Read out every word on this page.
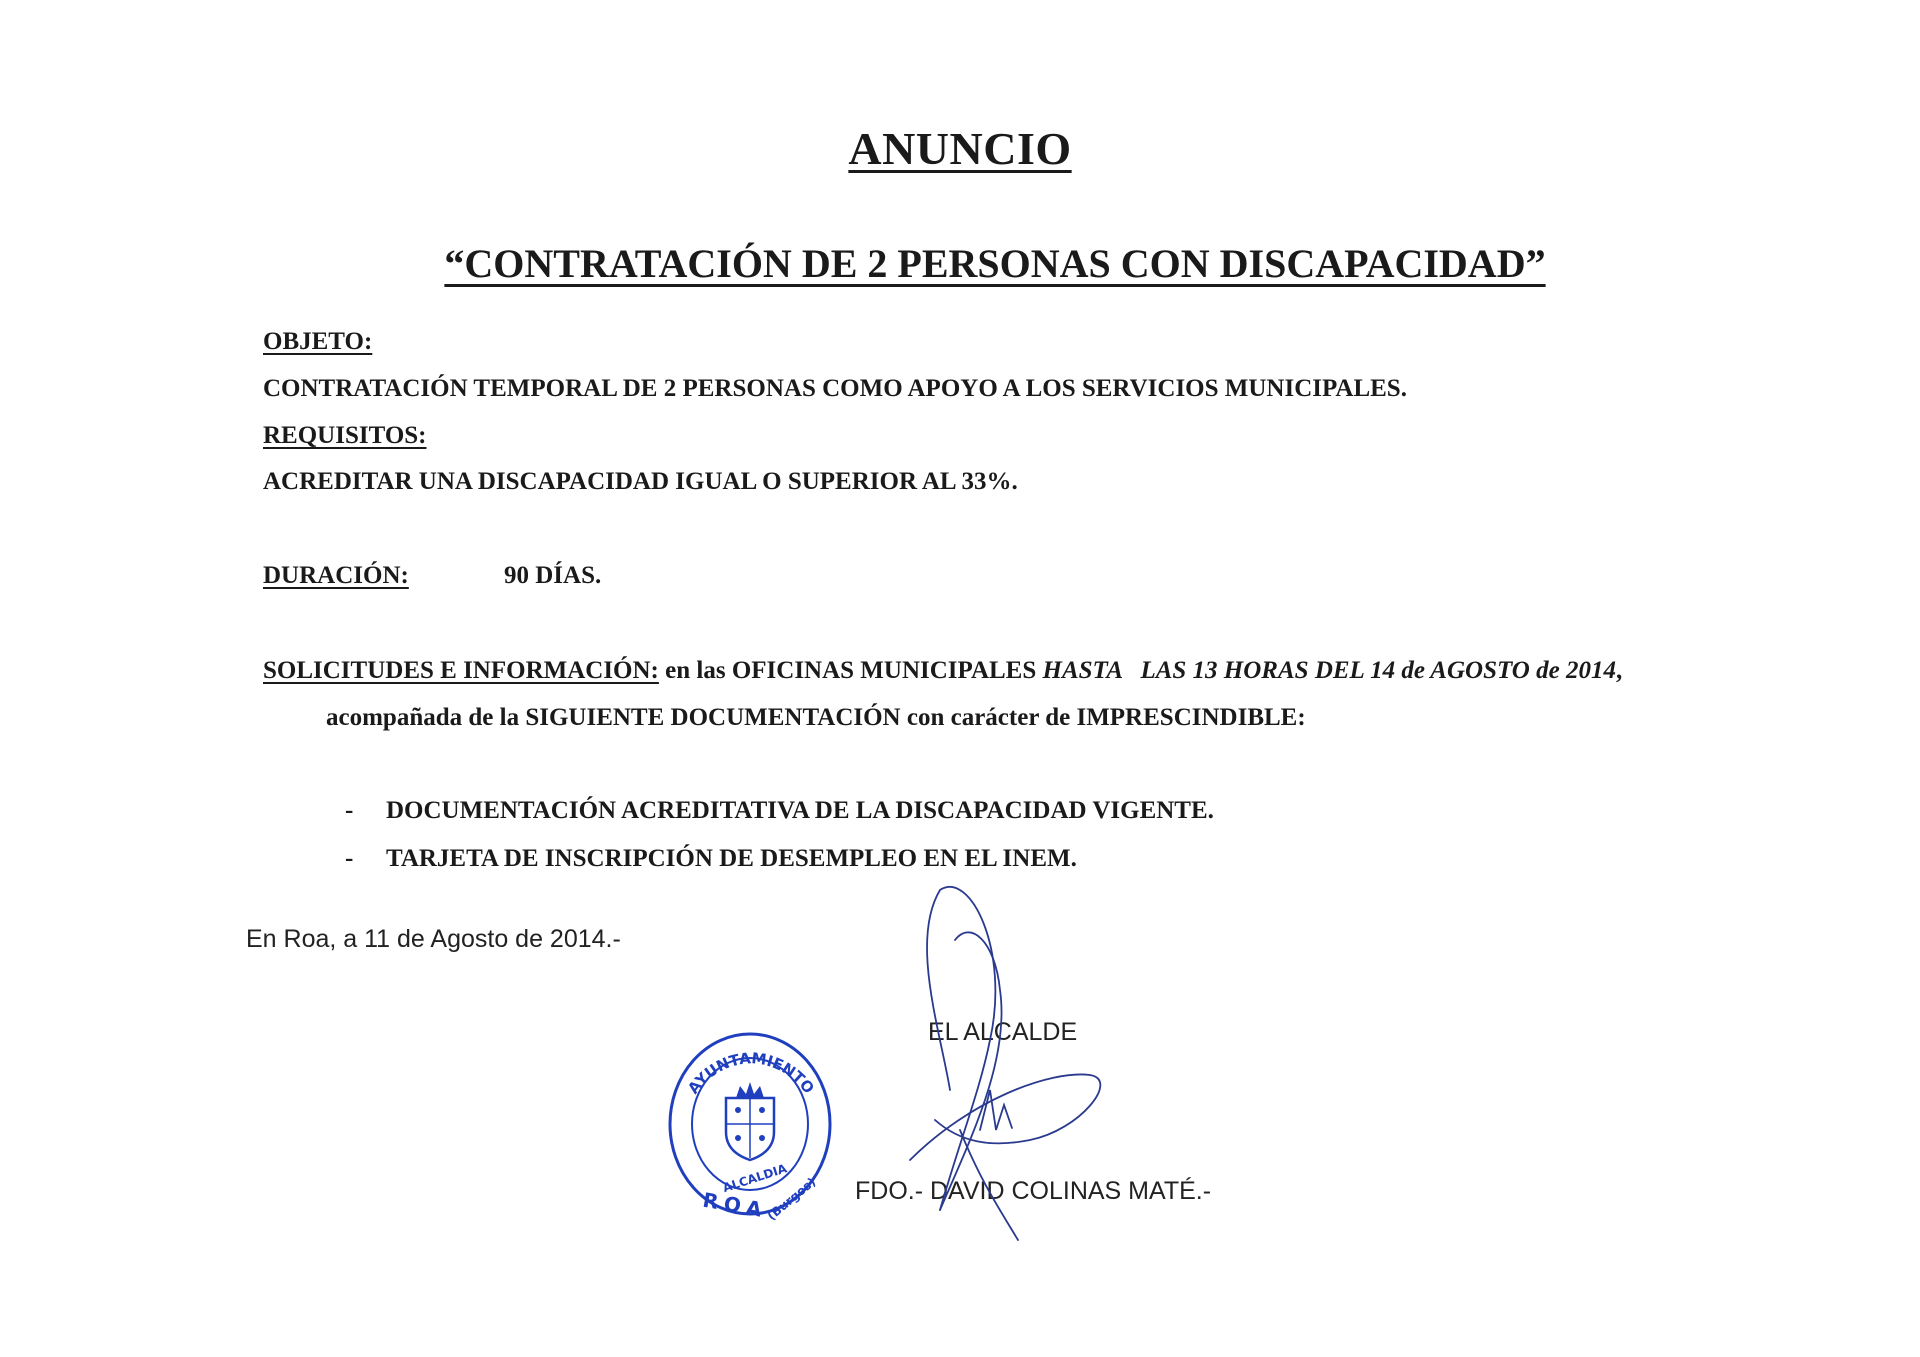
ANUNCIO
“CONTRATACIÓN DE 2 PERSONAS CON DISCAPACIDAD”
OBJETO:
CONTRATACIÓN TEMPORAL DE 2 PERSONAS COMO APOYO A LOS SERVICIOS MUNICIPALES.
REQUISITOS:
ACREDITAR UNA DISCAPACIDAD IGUAL O SUPERIOR AL 33%.
DURACIÓN:	90 DÍAS.
SOLICITUDES E INFORMACIÓN: en las OFICINAS MUNICIPALES HASTA   LAS 13 HORAS DEL 14 de AGOSTO de 2014,
acompañada de la SIGUIENTE DOCUMENTACIÓN con carácter de IMPRESCINDIBLE:
- DOCUMENTACIÓN ACREDITATIVA DE LA DISCAPACIDAD VIGENTE.
- TARJETA DE INSCRIPCIÓN DE DESEMPLEO EN EL INEM.
En Roa, a 11 de Agosto de 2014.-
EL ALCALDE
FDO.- DAVID COLINAS MATÉ.-
AYUNTAMIENTO
ALCALDIA
ROA
(Burgos)
